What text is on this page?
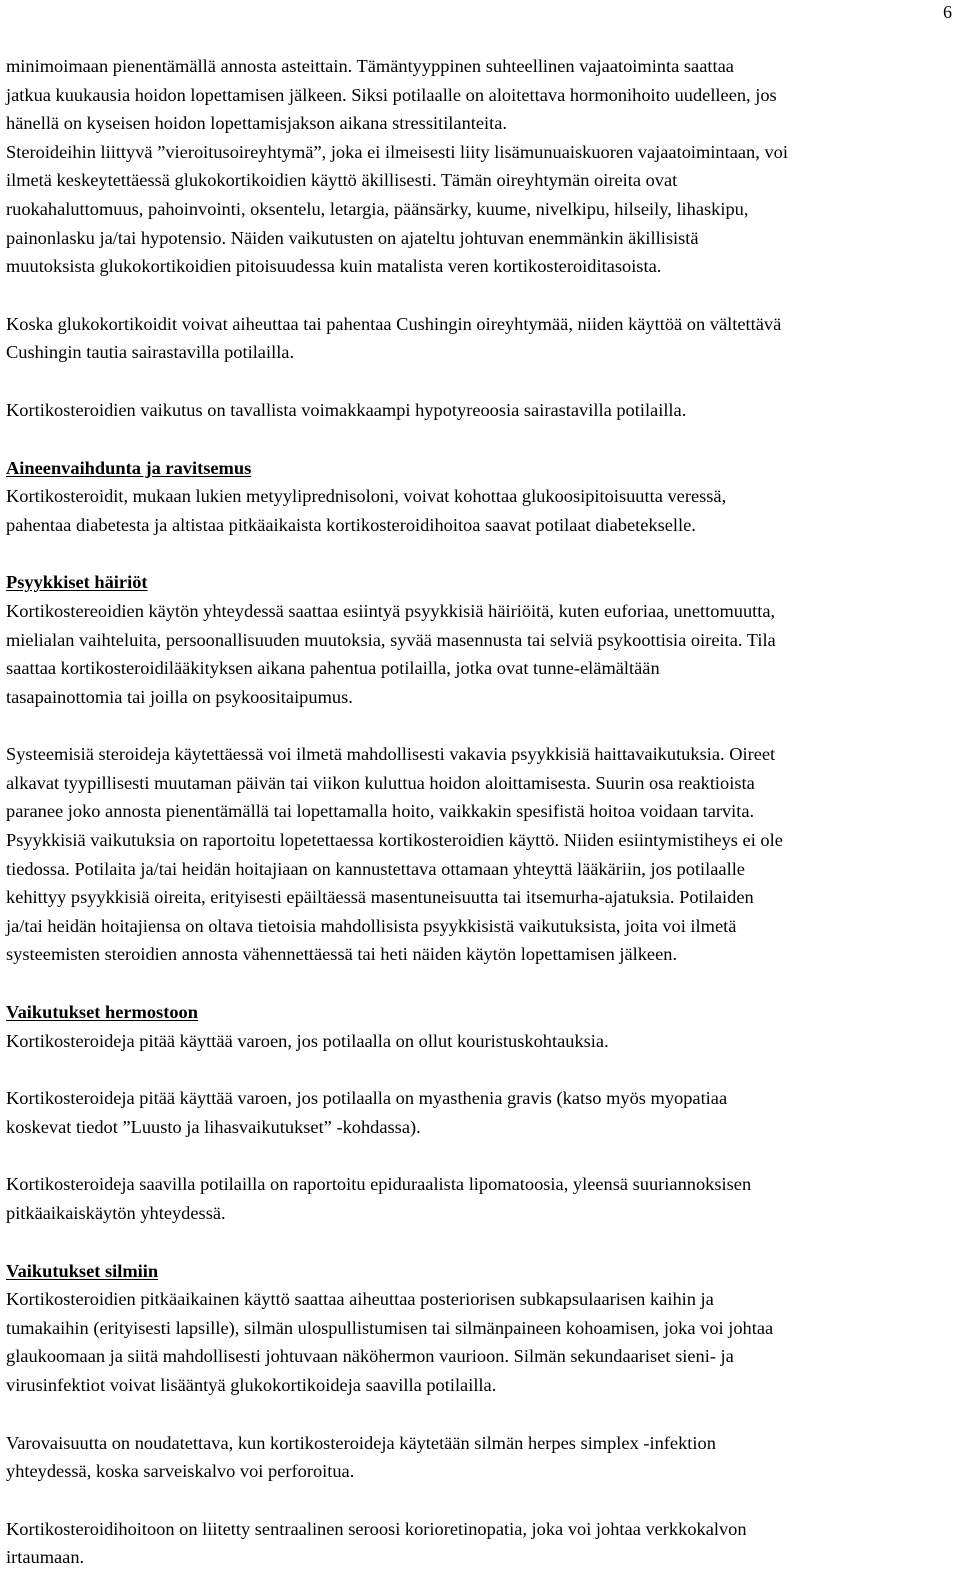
6
minimoimaan pienentämällä annosta asteittain. Tämäntyyppinen suhteellinen vajaatoiminta saattaa
jatkua kuukausia hoidon lopettamisen jälkeen. Siksi potilaalle on aloitettava hormonihoito uudelleen, jos
hänellä on kyseisen hoidon lopettamisjakson aikana stressitilanteita.
Steroideihin liittyvä ”vieroitusoireyhtymä”, joka ei ilmeisesti liity lisämunuaiskuoren vajaatoimintaan, voi
ilmetä keskeytettäessä glukokortikoidien käyttö äkillisesti. Tämän oireyhtymän oireita ovat
ruokahaluttomuus, pahoinvointi, oksentelu, letargia, päänsärky, kuume, nivelkipu, hilseily, lihaskipu,
painonlasku ja/tai hypotensio. Näiden vaikutusten on ajateltu johtuvan enemmänkin äkillisistä
muutoksista glukokortikoidien pitoisuudessa kuin matalista veren kortikosteroiditasoista.
Koska glukokortikoidit voivat aiheuttaa tai pahentaa Cushingin oireyhtymää, niiden käyttöä on vältettävä
Cushingin tautia sairastavilla potilailla.
Kortikosteroidien vaikutus on tavallista voimakkaampi hypotyreoosia sairastavilla potilailla.
Aineenvaihdunta ja ravitsemus
Kortikosteroidit, mukaan lukien metyyliprednisoloni, voivat kohottaa glukoosipitoisuutta veressä,
pahentaa diabetesta ja altistaa pitkäaikaista kortikosteroidihoitoa saavat potilaat diabetekselle.
Psyykkiset häiriöt
Kortikostereoidien käytön yhteydessä saattaa esiintyä psyykkisiä häiriöitä, kuten euforiaa, unettomuutta,
mielialan vaihteluita, persoonallisuuden muutoksia, syvää masennusta tai selviä psykoottisia oireita. Tila
saattaa kortikosteroidilääkityksen aikana pahentua potilailla, jotka ovat tunne-elämältään
tasapainottomia tai joilla on psykoositaipumus.
Systeemisiä steroideja käytettäessä voi ilmetä mahdollisesti vakavia psyykkisiä haittavaikutuksia. Oireet
alkavat tyypillisesti muutaman päivän tai viikon kuluttua hoidon aloittamisesta. Suurin osa reaktioista
paranee joko annosta pienentämällä tai lopettamalla hoito, vaikkakin spesifistä hoitoa voidaan tarvita.
Psyykkisiä vaikutuksia on raportoitu lopetettaessa kortikosteroidien käyttö. Niiden esiintymistiheys ei ole
tiedossa. Potilaita ja/tai heidän hoitajiaan on kannustettava ottamaan yhteyttä lääkäriin, jos potilaalle
kehittyy psyykkisiä oireita, erityisesti epäiltäessä masentuneisuutta tai itsemurha-ajatuksia. Potilaiden
ja/tai heidän hoitajiensa on oltava tietoisia mahdollisista psyykkisistä vaikutuksista, joita voi ilmetä
systeemisten steroidien annosta vähennettäessä tai heti näiden käytön lopettamisen jälkeen.
Vaikutukset hermostoon
Kortikosteroideja pitää käyttää varoen, jos potilaalla on ollut kouristuskohtauksia.
Kortikosteroideja pitää käyttää varoen, jos potilaalla on myasthenia gravis (katso myös myopatiaa
koskevat tiedot ”Luusto ja lihasvaikutukset” -kohdassa).
Kortikosteroideja saavilla potilailla on raportoitu epiduraalista lipomatoosia, yleensä suuriannoksisen
pitkäaikaiskäytön yhteydessä.
Vaikutukset silmiin
Kortikosteroidien pitkäaikainen käyttö saattaa aiheuttaa posteriorisen subkapsulaarisen kaihin ja
tumakaihin (erityisesti lapsille), silmän ulospullistumisen tai silmänpaineen kohoamisen, joka voi johtaa
glaukoomaan ja siitä mahdollisesti johtuvaan näköhermon vaurioon. Silmän sekundaariset sieni- ja
virusinfektiot voivat lisääntyä glukokortikoideja saavilla potilailla.
Varovaisuutta on noudatettava, kun kortikosteroideja käytetään silmän herpes simplex -infektion
yhteydessä, koska sarveiskalvo voi perforoitua.
Kortikosteroidihoitoon on liitetty sentraalinen seroosi korioretinopatia, joka voi johtaa verkkokalvon
irtaumaan.
